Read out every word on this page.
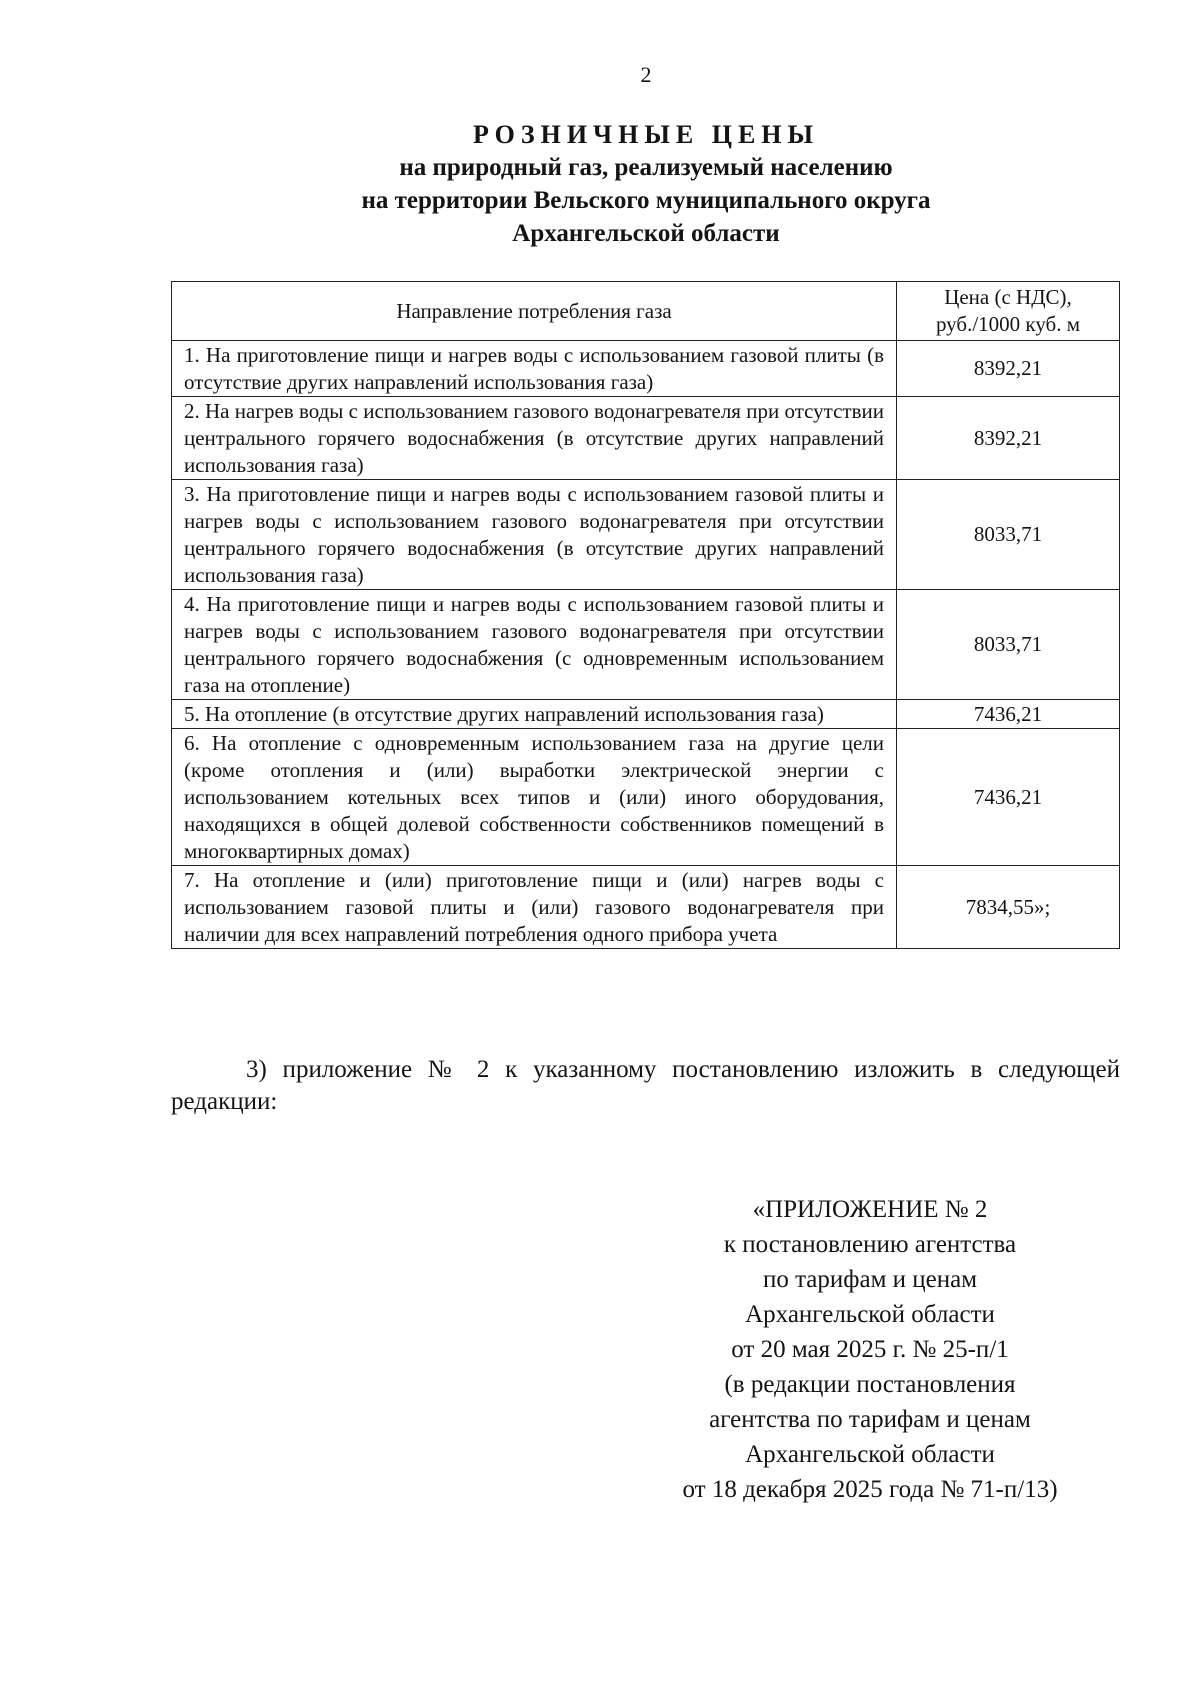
2
РОЗНИЧНЫЕ ЦЕНЫ
на природный газ, реализуемый населению
на территории Вельского муниципального округа
Архангельской области
Направление потребления газа	Цена (с НДС),
руб./1000 куб. м

1. На приготовление пищи и нагрев воды с использованием газовой плиты (в отсутствие других направлений использования газа)	8392,21
2. На нагрев воды с использованием газового водонагревателя при отсутствии центрального горячего водоснабжения (в отсутствие других направлений использования газа)	8392,21
3. На приготовление пищи и нагрев воды с использованием газовой плиты и нагрев воды с использованием газового водонагревателя при отсутствии центрального горячего водоснабжения (в отсутствие других направлений использования газа)	8033,71
4. На приготовление пищи и нагрев воды с использованием газовой плиты и нагрев воды с использованием газового водонагревателя при отсутствии центрального горячего водоснабжения (с одновременным использованием газа на отопление)	8033,71
5. На отопление (в отсутствие других направлений использования газа)	7436,21
6. На отопление с одновременным использованием газа на другие цели (кроме отопления и (или) выработки электрической энергии с использованием котельных всех типов и (или) иного оборудования, находящихся в общей долевой собственности собственников помещений в многоквартирных домах)	7436,21
7. На отопление и (или) приготовление пищи и (или) нагрев воды с использованием газовой плиты и (или) газового водонагревателя при наличии для всех направлений потребления одного прибора учета	7834,55»;
3) приложение № 2 к указанному постановлению изложить в следующей редакции:
«ПРИЛОЖЕНИЕ № 2
к постановлению агентства
по тарифам и ценам
Архангельской области
от 20 мая 2025 г. № 25-п/1
(в редакции постановления
агентства по тарифам и ценам
Архангельской области
от 18 декабря 2025 года № 71-п/13)
